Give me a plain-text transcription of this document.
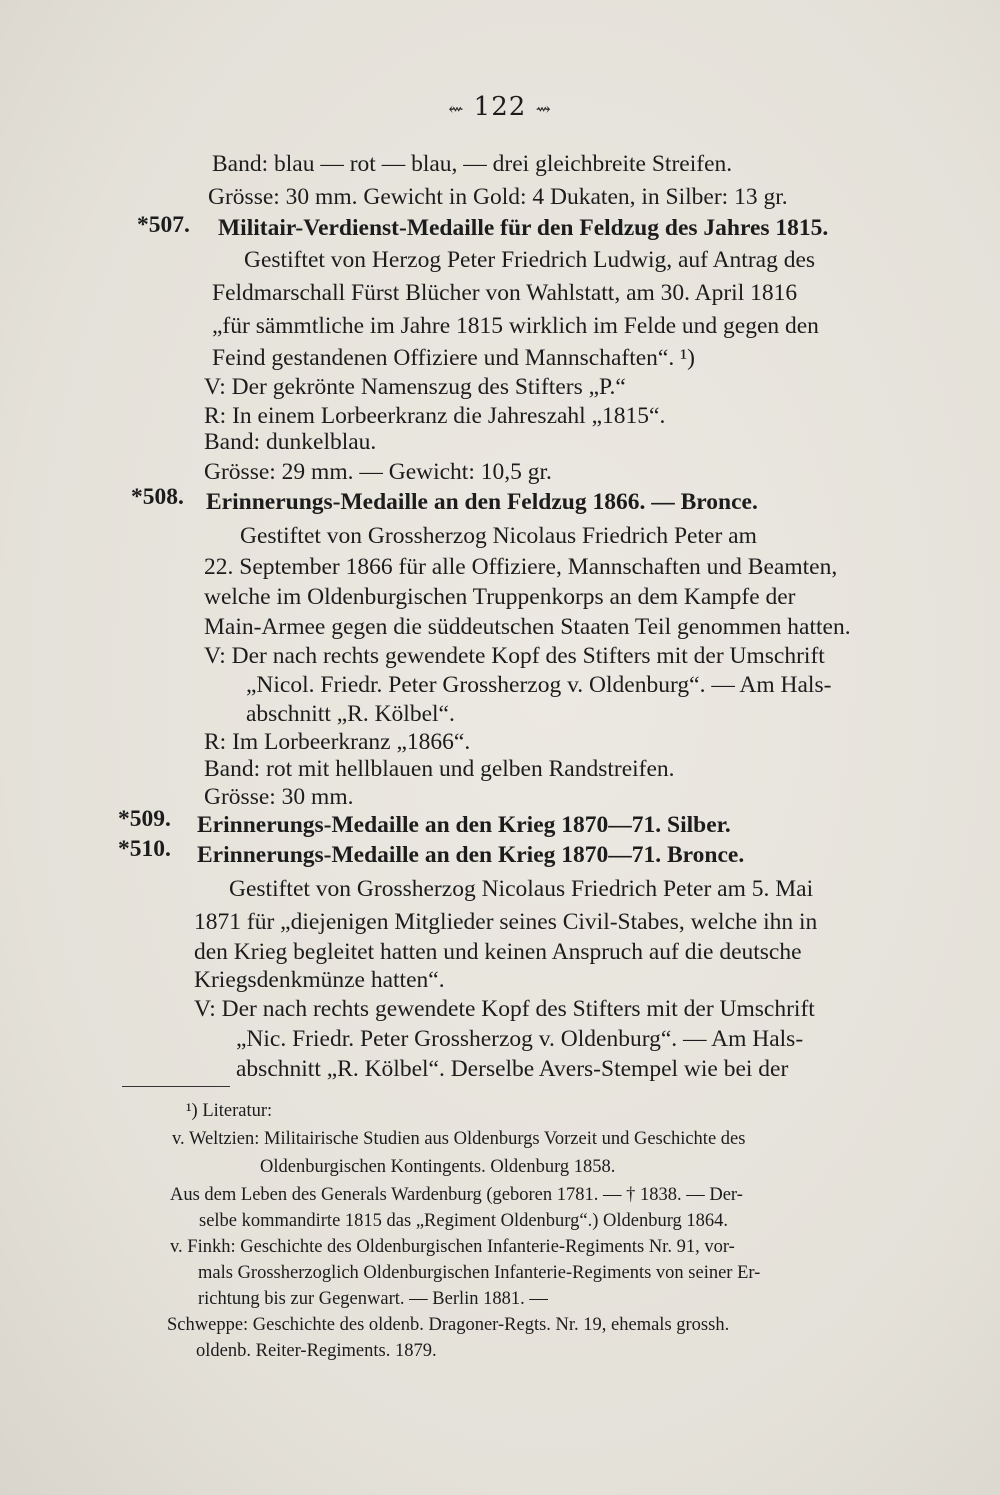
⇜ 122 ⇝
Band: blau — rot — blau, — drei gleichbreite Streifen.
Grösse: 30 mm. Gewicht in Gold: 4 Dukaten, in Silber: 13 gr.
*507. Militair-Verdienst-Medaille für den Feldzug des Jahres 1815.
Gestiftet von Herzog Peter Friedrich Ludwig, auf Antrag des
Feldmarschall Fürst Blücher von Wahlstatt, am 30. April 1816
„für sämmtliche im Jahre 1815 wirklich im Felde und gegen den
Feind gestandenen Offiziere und Mannschaften“. ¹)
V: Der gekrönte Namenszug des Stifters „P.“
R: In einem Lorbeerkranz die Jahreszahl „1815“.
Band: dunkelblau.
Grösse: 29 mm. — Gewicht: 10,5 gr.
*508. Erinnerungs-Medaille an den Feldzug 1866. — Bronce.
Gestiftet von Grossherzog Nicolaus Friedrich Peter am
22. September 1866 für alle Offiziere, Mannschaften und Beamten,
welche im Oldenburgischen Truppenkorps an dem Kampfe der
Main-Armee gegen die süddeutschen Staaten Teil genommen hatten.
V: Der nach rechts gewendete Kopf des Stifters mit der Umschrift
„Nicol. Friedr. Peter Grossherzog v. Oldenburg“. — Am Hals-
abschnitt „R. Kölbel“.
R: Im Lorbeerkranz „1866“.
Band: rot mit hellblauen und gelben Randstreifen.
Grösse: 30 mm.
*509. Erinnerungs-Medaille an den Krieg 1870—71. Silber.
*510. Erinnerungs-Medaille an den Krieg 1870—71. Bronce.
Gestiftet von Grossherzog Nicolaus Friedrich Peter am 5. Mai
1871 für „diejenigen Mitglieder seines Civil-Stabes, welche ihn in
den Krieg begleitet hatten und keinen Anspruch auf die deutsche
Kriegsdenkmünze hatten“.
V: Der nach rechts gewendete Kopf des Stifters mit der Umschrift
„Nic. Friedr. Peter Grossherzog v. Oldenburg“. — Am Hals-
abschnitt „R. Kölbel“. Derselbe Avers-Stempel wie bei der
¹) Literatur:
v. Weltzien: Militairische Studien aus Oldenburgs Vorzeit und Geschichte des
Oldenburgischen Kontingents. Oldenburg 1858.
Aus dem Leben des Generals Wardenburg (geboren 1781. — † 1838. — Der-
selbe kommandirte 1815 das „Regiment Oldenburg“.) Oldenburg 1864.
v. Finkh: Geschichte des Oldenburgischen Infanterie-Regiments Nr. 91, vor-
mals Grossherzoglich Oldenburgischen Infanterie-Regiments von seiner Er-
richtung bis zur Gegenwart. — Berlin 1881. —
Schweppe: Geschichte des oldenb. Dragoner-Regts. Nr. 19, ehemals grossh.
oldenb. Reiter-Regiments. 1879.
